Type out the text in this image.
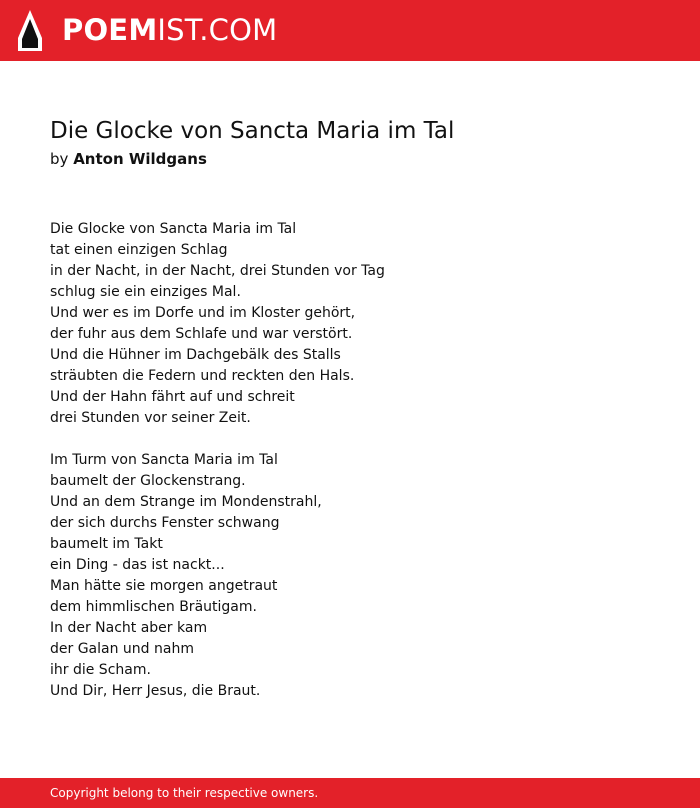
POEMIST.COM
Die Glocke von Sancta Maria im Tal
by Anton Wildgans
Die Glocke von Sancta Maria im Tal
tat einen einzigen Schlag
in der Nacht, in der Nacht, drei Stunden vor Tag
schlug sie ein einziges Mal.
Und wer es im Dorfe und im Kloster gehört,
der fuhr aus dem Schlafe und war verstört.
Und die Hühner im Dachgebälk des Stalls
sträubten die Federn und reckten den Hals.
Und der Hahn fährt auf und schreit
drei Stunden vor seiner Zeit.
Im Turm von Sancta Maria im Tal
baumelt der Glockenstrang.
Und an dem Strange im Mondenstrahl,
der sich durchs Fenster schwang
baumelt im Takt
ein Ding - das ist nackt...
Man hätte sie morgen angetraut
dem himmlischen Bräutigam.
In der Nacht aber kam
der Galan und nahm
ihr die Scham.
Und Dir, Herr Jesus, die Braut.
Copyright belong to their respective owners.
